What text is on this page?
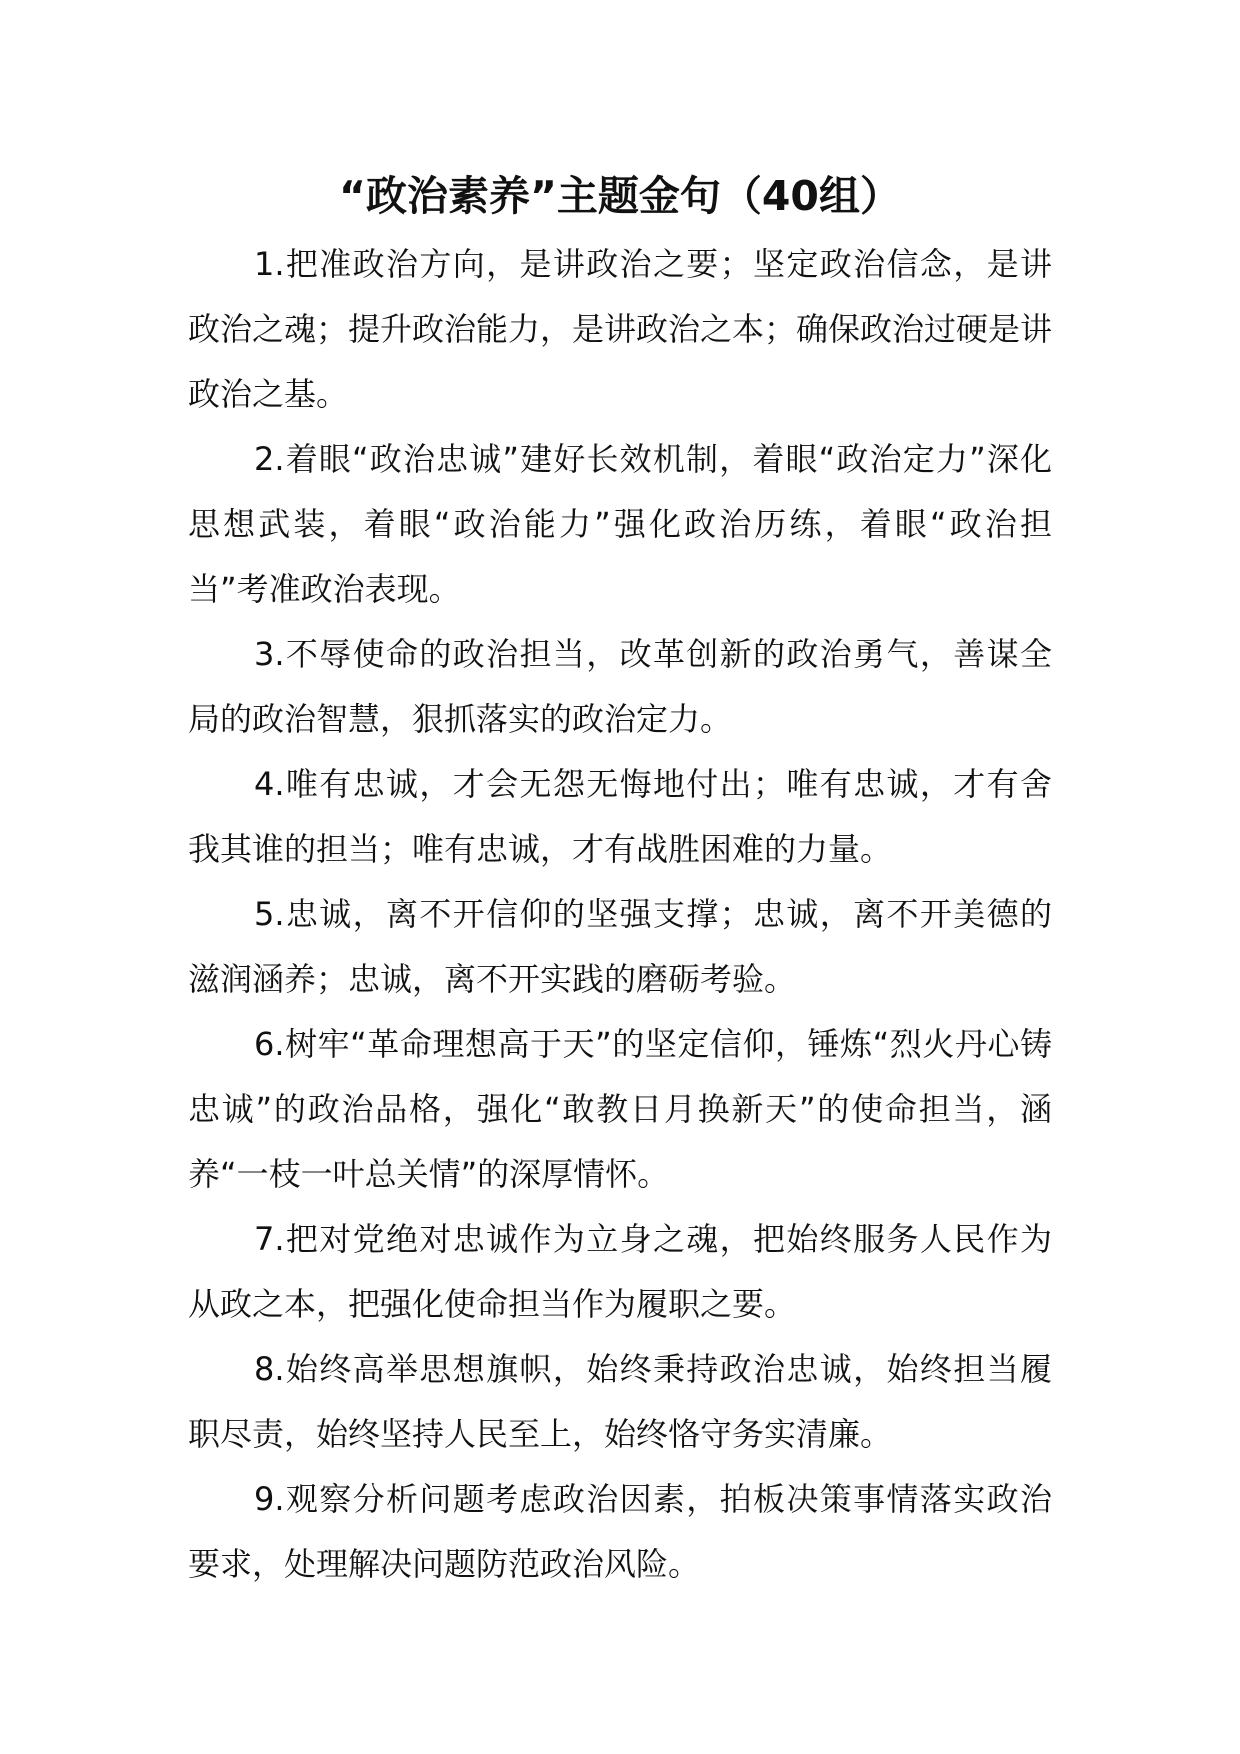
“政治素养”主题金句（40组）

1.把准政治方向，是讲政治之要；坚定政治信念，是讲政治之魂；提升政治能力，是讲政治之本；确保政治过硬是讲政治之基。

2.着眼“政治忠诚”建好长效机制，着眼“政治定力”深化思想武装，着眼“政治能力”强化政治历练，着眼“政治担当”考准政治表现。

3.不辱使命的政治担当，改革创新的政治勇气，善谋全局的政治智慧，狠抓落实的政治定力。

4.唯有忠诚，才会无怨无悔地付出；唯有忠诚，才有舍我其谁的担当；唯有忠诚，才有战胜困难的力量。

5.忠诚，离不开信仰的坚强支撑；忠诚，离不开美德的滋润涵养；忠诚，离不开实践的磨砺考验。

6.树牢“革命理想高于天”的坚定信仰，锤炼“烈火丹心铸忠诚”的政治品格，强化“敢教日月换新天”的使命担当，涵养“一枝一叶总关情”的深厚情怀。

7.把对党绝对忠诚作为立身之魂，把始终服务人民作为从政之本，把强化使命担当作为履职之要。

8.始终高举思想旗帜，始终秉持政治忠诚，始终担当履职尽责，始终坚持人民至上，始终恪守务实清廉。

9.观察分析问题考虑政治因素，拍板决策事情落实政治要求，处理解决问题防范政治风险。
